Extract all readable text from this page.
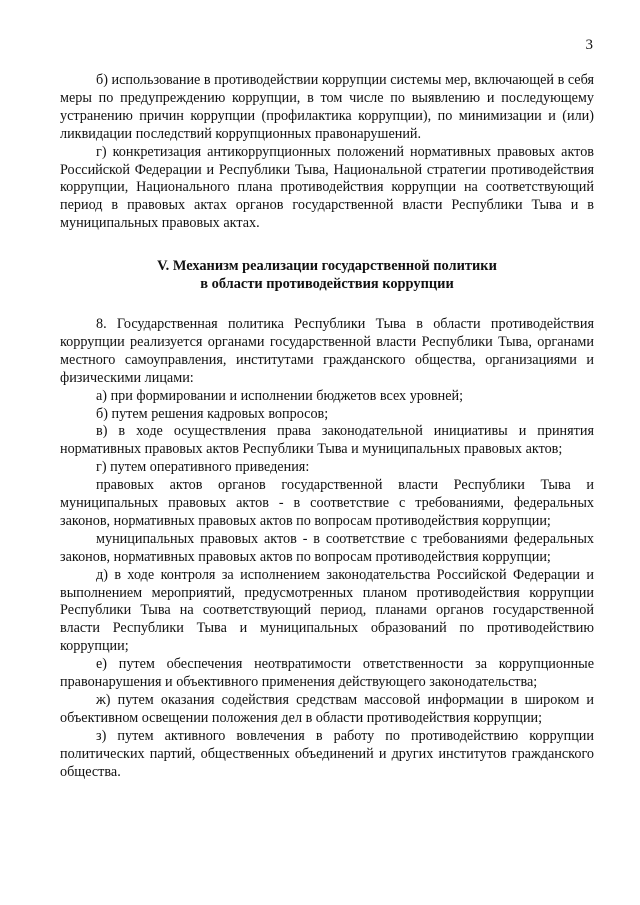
3

б) использование в противодействии коррупции системы мер, включающей в себя меры по предупреждению коррупции, в том числе по выявлению и последующему устранению причин коррупции (профилактика коррупции), по минимизации и (или) ликвидации последствий коррупционных правонарушений.

г) конкретизация антикоррупционных положений нормативных правовых актов Российской Федерации и Республики Тыва, Национальной стратегии противодействия коррупции, Национального плана противодействия коррупции на соответствующий период в правовых актах органов государственной власти Республики Тыва и в муниципальных правовых актах.

V. Механизм реализации государственной политики
в области противодействия коррупции

8. Государственная политика Республики Тыва в области противодействия коррупции реализуется органами государственной власти Республики Тыва, органами местного самоуправления, институтами гражданского общества, организациями и физическими лицами:

а) при формировании и исполнении бюджетов всех уровней;

б) путем решения кадровых вопросов;

в) в ходе осуществления права законодательной инициативы и принятия нормативных правовых актов Республики Тыва и муниципальных правовых актов;

г) путем оперативного приведения:

правовых актов органов государственной власти Республики Тыва и муниципальных правовых актов - в соответствие с требованиями, федеральных законов, нормативных правовых актов по вопросам противодействия коррупции;

муниципальных правовых актов - в соответствие с требованиями федеральных законов, нормативных правовых актов по вопросам противодействия коррупции;

д) в ходе контроля за исполнением законодательства Российской Федерации и выполнением мероприятий, предусмотренных планом противодействия коррупции Республики Тыва на соответствующий период, планами органов государственной власти Республики Тыва и муниципальных образований по противодействию коррупции;

е) путем обеспечения неотвратимости ответственности за коррупционные правонарушения и объективного применения действующего законодательства;

ж) путем оказания содействия средствам массовой информации в широком и объективном освещении положения дел в области противодействия коррупции;

з) путем активного вовлечения в работу по противодействию коррупции политических партий, общественных объединений и других институтов гражданского общества.
